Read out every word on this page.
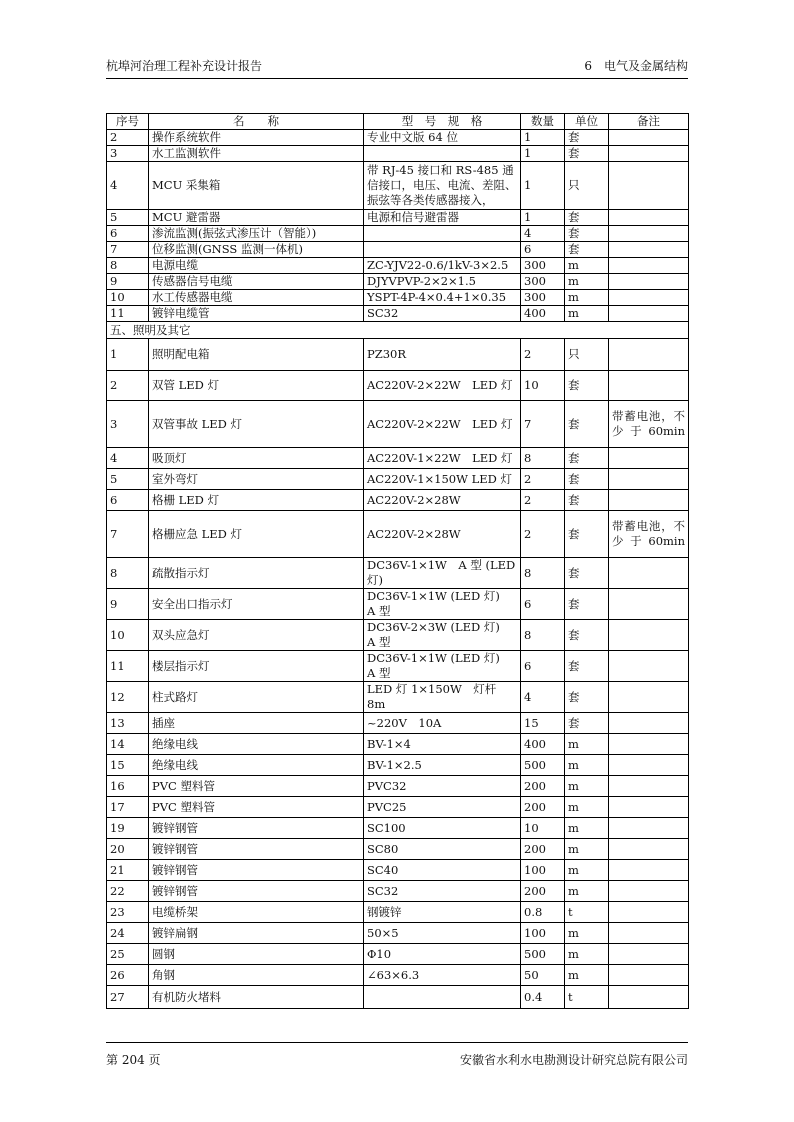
杭埠河治理工程补充设计报告	6　电气及金属结构
序号	名　　称	型　号　规　格	数量	单位	备注
2	操作系统软件	专业中文版 64 位	1	套	
3	水工监测软件		1	套	
4	MCU 采集箱	带 RJ-45 接口和 RS-485 通信接口，电压、电流、差阻、振弦等各类传感器接入，	1	只	
5	MCU 避雷器	电源和信号避雷器	1	套	
6	渗流监测(振弦式渗压计（智能）)		4	套	
7	位移监测(GNSS 监测一体机)		6	套	
8	电源电缆	ZC-YJV22-0.6/1kV-3×2.5	300	m	
9	传感器信号电缆	DJYVPVP-2×2×1.5	300	m	
10	水工传感器电缆	YSPT-4P-4×0.4+1×0.35	300	m	
11	镀锌电缆管	SC32	400	m	
五、照明及其它					
1	照明配电箱	PZ30R	2	只	
2	双管 LED 灯	AC220V-2×22W　LED 灯	10	套	
3	双管事故 LED 灯	AC220V-2×22W　LED 灯	7	套	带蓄电池，不少于60min
4	吸顶灯	AC220V-1×22W　LED 灯	8	套	
5	室外弯灯	AC220V-1×150W LED 灯	2	套	
6	格栅 LED 灯	AC220V-2×28W	2	套	
7	格栅应急 LED 灯	AC220V-2×28W	2	套	带蓄电池，不少于60min
8	疏散指示灯	DC36V-1×1W　A 型 (LED 灯)	8	套	
9	安全出口指示灯	DC36V-1×1W (LED 灯)　A 型	6	套	
10	双头应急灯	DC36V-2×3W (LED 灯)　A 型	8	套	
11	楼层指示灯	DC36V-1×1W (LED 灯)　A 型	6	套	
12	柱式路灯	LED 灯 1×150W　灯杆 8m	4	套	
13	插座	~220V　10A	15	套	
14	绝缘电线	BV-1×4	400	m	
15	绝缘电线	BV-1×2.5	500	m	
16	PVC 塑料管	PVC32	200	m	
17	PVC 塑料管	PVC25	200	m	
19	镀锌钢管	SC100	10	m	
20	镀锌钢管	SC80	200	m	
21	镀锌钢管	SC40	100	m	
22	镀锌钢管	SC32	200	m	
23	电缆桥架	钢镀锌	0.8	t	
24	镀锌扁钢	50×5	100	m	
25	圆钢	Φ10	500	m	
26	角钢	∠63×6.3	50	m	
27	有机防火堵料		0.4	t	
第 204 页	安徽省水利水电勘测设计研究总院有限公司
